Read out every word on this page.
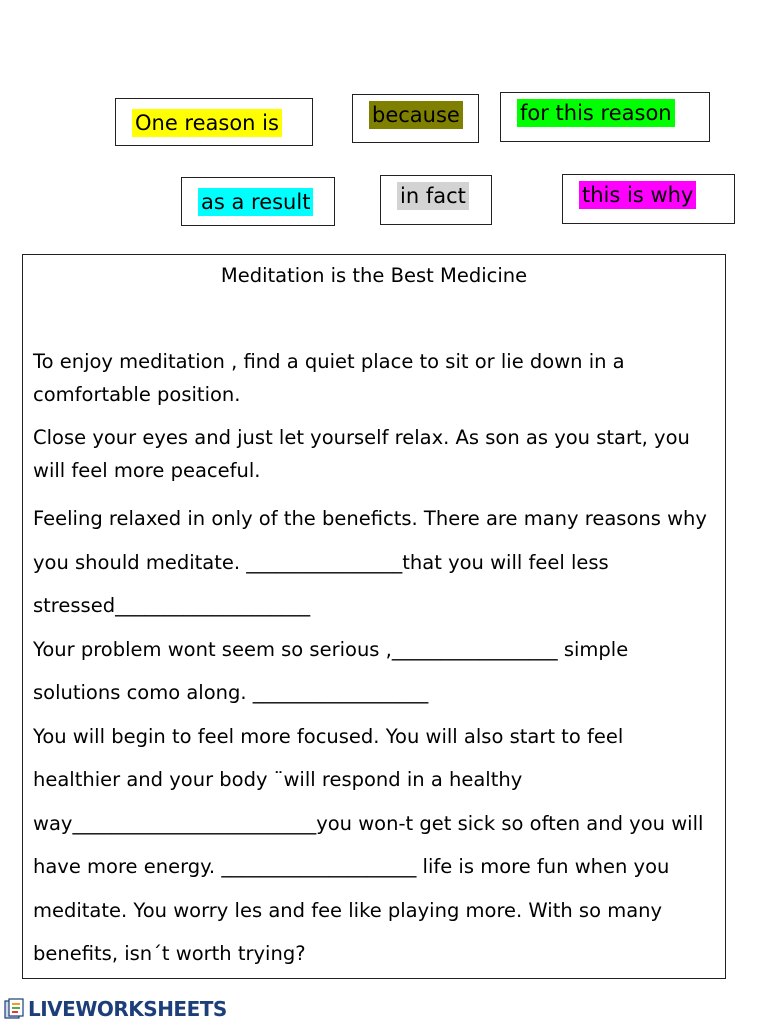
One reason is	because	for this reason
as a result	in fact	this is why
Meditation is the Best Medicine

To enjoy meditation , find a quiet place to sit or lie down in a comfortable position.

Close your eyes and just let yourself relax. As son as you start, you will feel more peaceful.

Feeling relaxed in only of the beneficts. There are many reasons why you should meditate. ________________that you will feel less stressed____________________

Your problem wont seem so serious ,_________________ simple solutions como along. __________________

You will begin to feel more focused. You will also start to feel healthier and your body ¨will respond in a healthy way_________________________you won-t get sick so often and you will have more energy. ____________________ life is more fun when you meditate. You worry les and fee like playing more. With so many benefits, isn´t worth trying?

LIVEWORKSHEETS
